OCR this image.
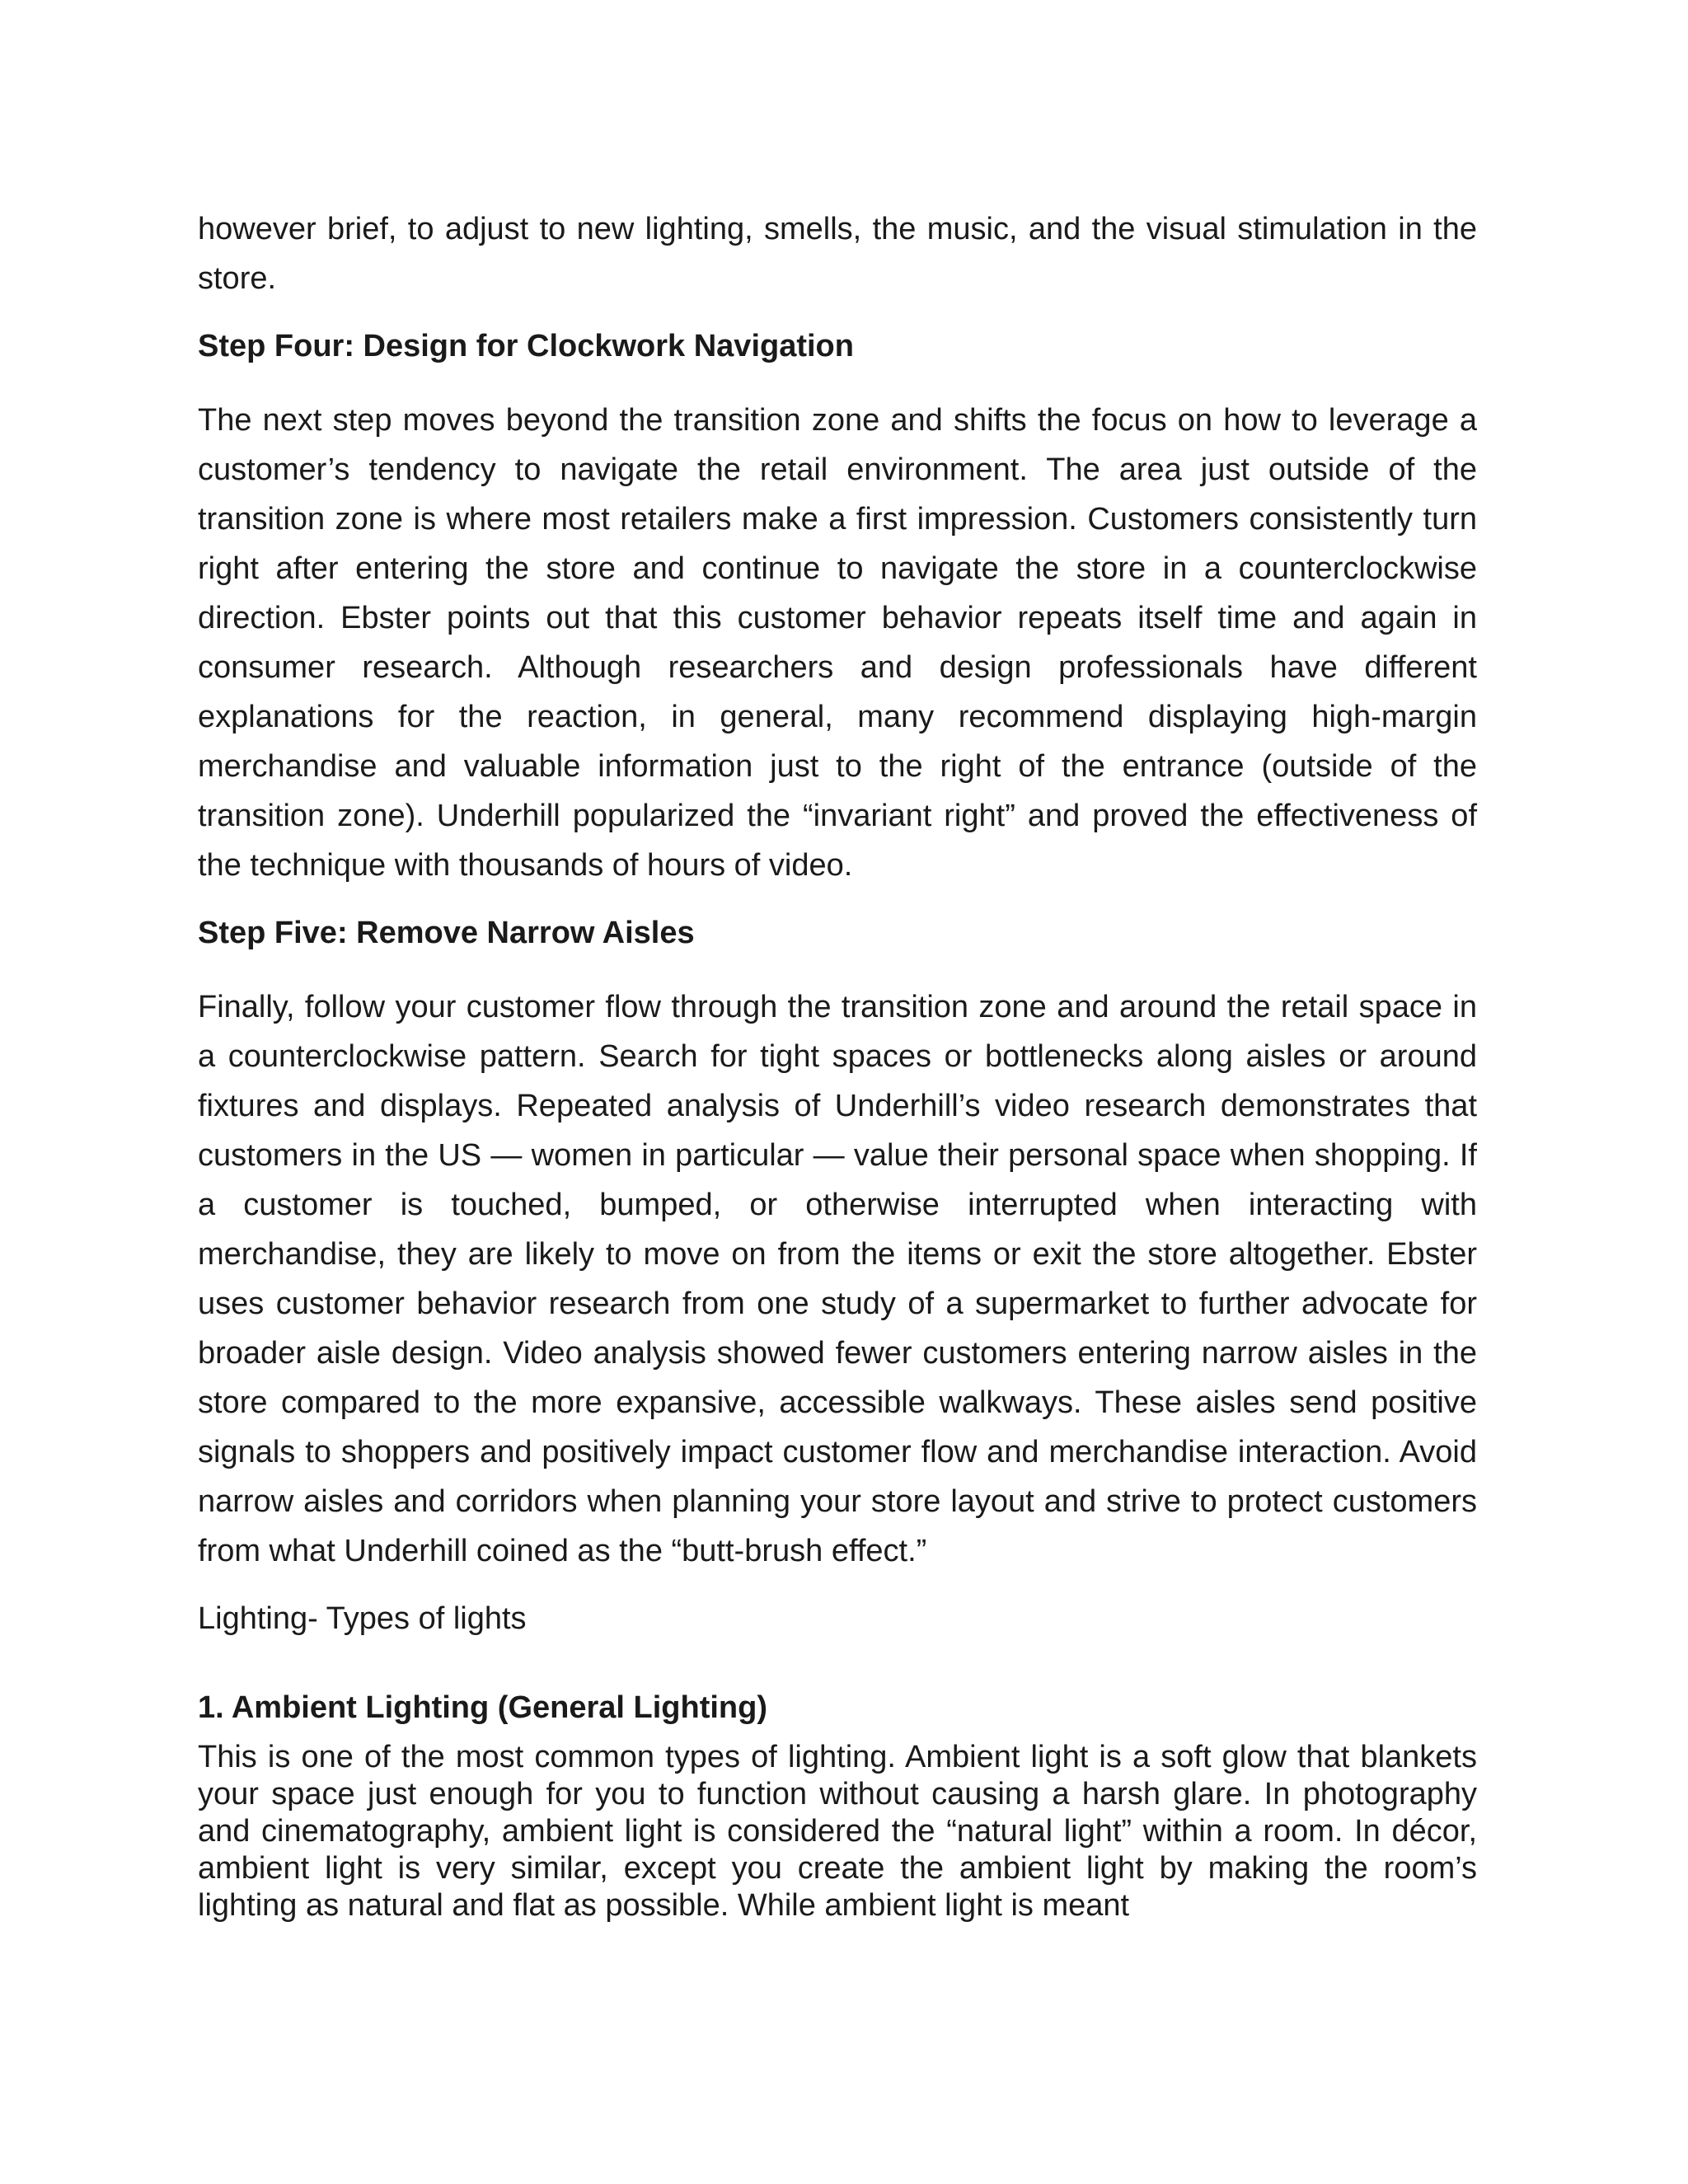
however brief, to adjust to new lighting, smells, the music, and the visual stimulation in the store.

Step Four: Design for Clockwork Navigation

The next step moves beyond the transition zone and shifts the focus on how to leverage a customer’s tendency to navigate the retail environment. The area just outside of the transition zone is where most retailers make a first impression. Customers consistently turn right after entering the store and continue to navigate the store in a counterclockwise direction. Ebster points out that this customer behavior repeats itself time and again in consumer research. Although researchers and design professionals have different explanations for the reaction, in general, many recommend displaying high-margin merchandise and valuable information just to the right of the entrance (outside of the transition zone). Underhill popularized the “invariant right” and proved the effectiveness of the technique with thousands of hours of video.

Step Five: Remove Narrow Aisles

Finally, follow your customer flow through the transition zone and around the retail space in a counterclockwise pattern. Search for tight spaces or bottlenecks along aisles or around fixtures and displays. Repeated analysis of Underhill’s video research demonstrates that customers in the US — women in particular — value their personal space when shopping. If a customer is touched, bumped, or otherwise interrupted when interacting with merchandise, they are likely to move on from the items or exit the store altogether. Ebster uses customer behavior research from one study of a supermarket to further advocate for broader aisle design. Video analysis showed fewer customers entering narrow aisles in the store compared to the more expansive, accessible walkways. These aisles send positive signals to shoppers and positively impact customer flow and merchandise interaction. Avoid narrow aisles and corridors when planning your store layout and strive to protect customers from what Underhill coined as the “butt-brush effect.”

Lighting- Types of lights

1. Ambient Lighting (General Lighting)

This is one of the most common types of lighting. Ambient light is a soft glow that blankets your space just enough for you to function without causing a harsh glare. In photography and cinematography, ambient light is considered the “natural light” within a room. In décor, ambient light is very similar, except you create the ambient light by making the room’s lighting as natural and flat as possible. While ambient light is meant
